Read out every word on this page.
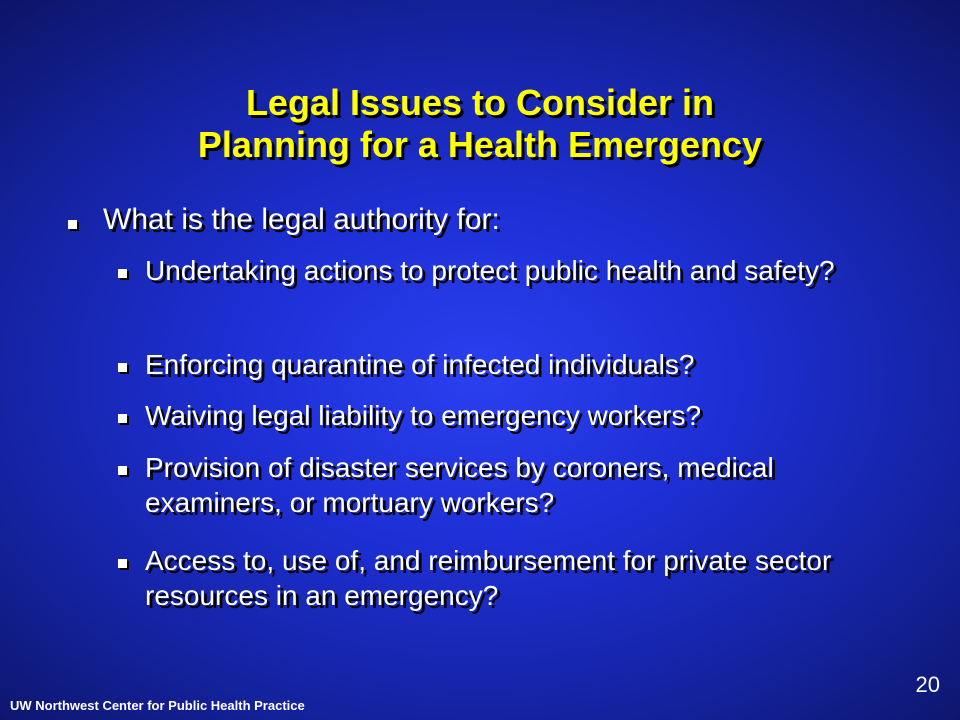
Legal Issues to Consider in
Planning for a Health Emergency
What is the legal authority for:
Undertaking actions to protect public health and safety?
Enforcing quarantine of infected individuals?
Waiving legal liability to emergency workers?
Provision of disaster services by coroners, medical examiners, or mortuary workers?
Access to, use of, and reimbursement for private sector resources in an emergency?
UW Northwest Center for Public Health Practice
20
